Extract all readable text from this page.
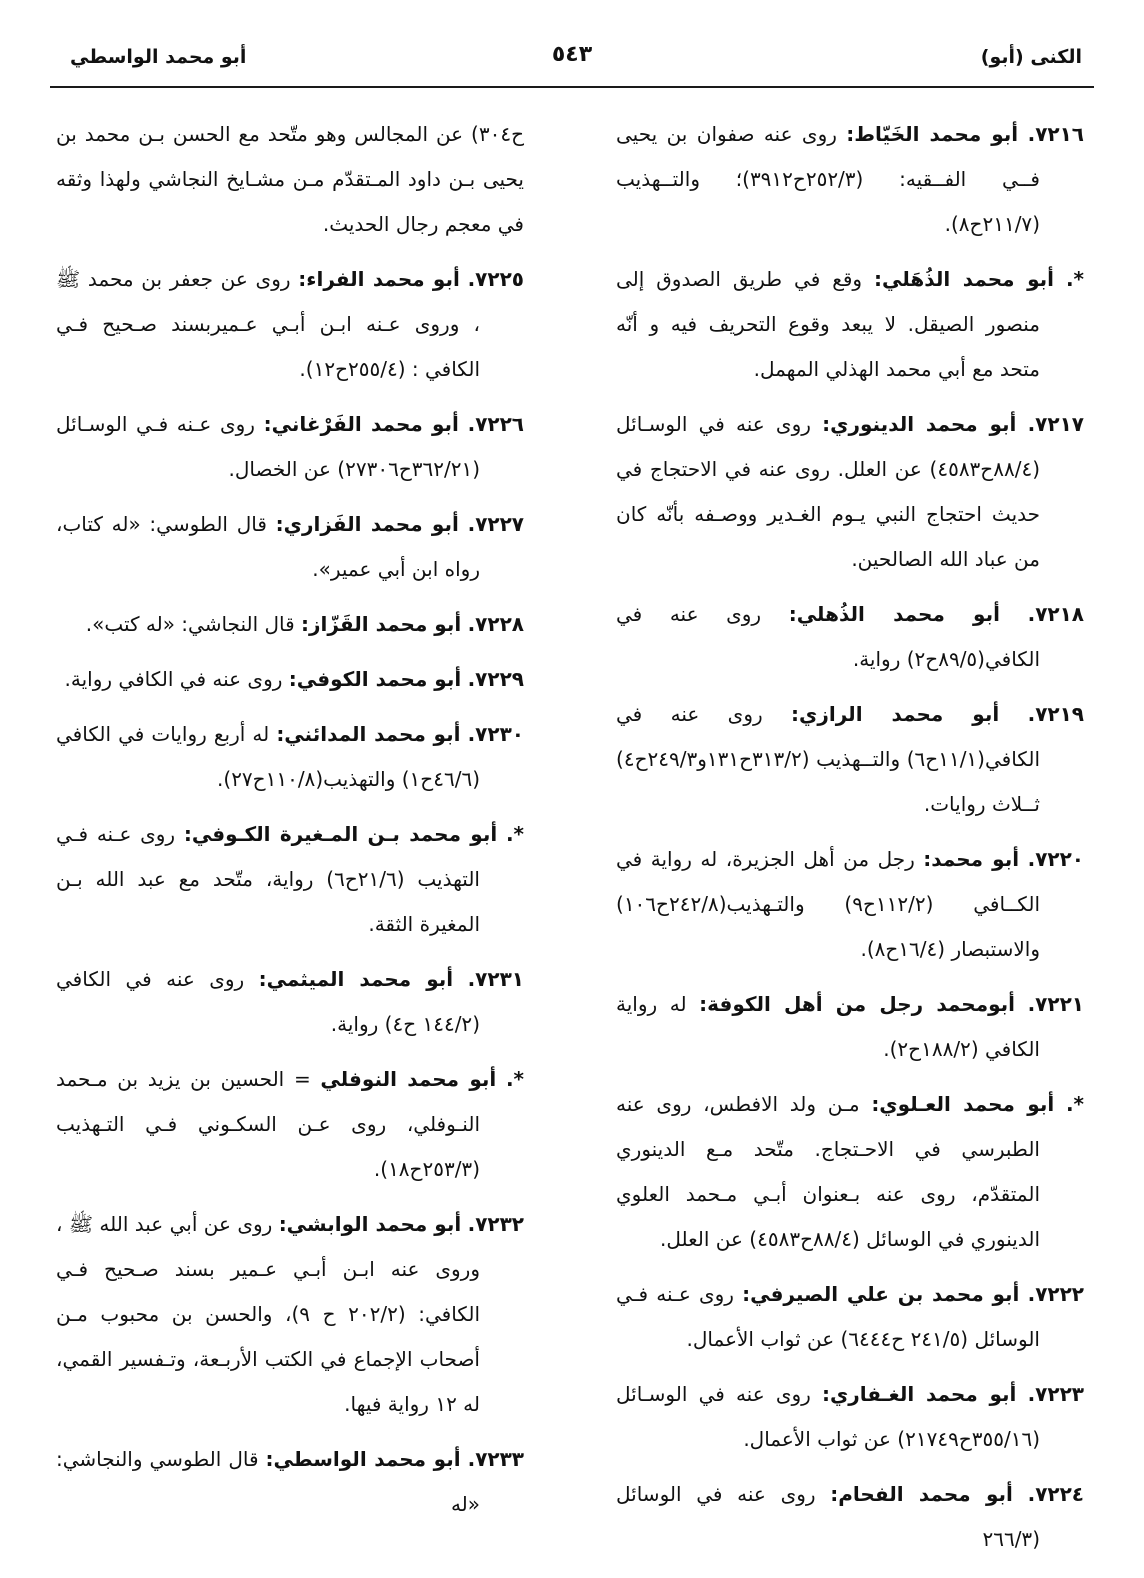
الكنى (أبو)
٥٤٣
أبو محمد الواسطي

٧٢١٦. أبو محمد الخَيّاط: روى عنه صفوان بن يحيى فــي الفــقيه: (٢٥٢/٣ح٣٩١٢)؛ والتــهذيب (٢١١/٧ح٨).

*. أبو محمد الذُهَلي: وقع في طريق الصدوق إلى منصور الصيقل. لا يبعد وقوع التحريف فيه و أنّه متحد مع أبي محمد الهذلي المهمل.

٧٢١٧. أبو محمد الدينوري: روى عنه في الوسـائل (٨٨/٤ح٤٥٨٣) عن العلل. روى عنه في الاحتجاج في حديث احتجاج النبي يـوم الغـدير ووصـفه بأنّه كان من عباد الله الصالحين.

٧٢١٨. أبو محمد الذُهلي: روى عنه في الكافي(٨٩/٥ح٢) رواية.

٧٢١٩. أبو محمد الرازي: روى عنه في الكافي(١١/١ح٦) والتــهذيب (٣١٣/٢ح١٣١و٢٤٩/٣ح٤) ثــلاث روايات.

٧٢٢٠. أبو محمد: رجل من أهل الجزيرة، له رواية في الكــافي (١١٢/٢ح٩) والتـهذيب(٢٤٢/٨ح١٠٦) والاستبصار (١٦/٤ح٨).

٧٢٢١. أبومحمد رجل من أهل الكوفة: له رواية الكافي (١٨٨/٢ح٢).

*. أبو محمد العـلوي: مـن ولد الافطس، روى عنه الطبرسي في الاحـتجاج. متّحد مـع الدينوري المتقدّم، روى عنه بـعنوان أبـي مـحمد العلوي الدينوري في الوسائل (٨٨/٤ح٤٥٨٣) عن العلل.

٧٢٢٢. أبو محمد بن علي الصيرفي: روى عـنه فـي الوسائل (٢٤١/٥ ح٦٤٤٤) عن ثواب الأعمال.

٧٢٢٣. أبو محمد الغـفاري: روى عنه في الوسـائل (٣٥٥/١٦ح٢١٧٤٩) عن ثواب الأعمال.

٧٢٢٤. أبو محمد الفحام: روى عنه في الوسائل (٢٦٦/٣

ح٣٠٤) عن المجالس وهو متّحد مع الحسن بـن محمد بن يحيى بـن داود المـتقدّم مـن مشـايخ النجاشي ولهذا وثقه في معجم رجال الحديث.

٧٢٢٥. أبو محمد الفراء: روى عن جعفر بن محمد ﷺ ، وروى عـنه ابـن أبـي عـميربسند صـحيح فـي الكافي : (٢٥٥/٤ح١٢).

٧٢٢٦. أبو محمد الفَرْغاني: روى عـنه فـي الوسـائل (٣٦٢/٢١ح٢٧٣٠٦) عن الخصال.

٧٢٢٧. أبو محمد الفَزاري: قال الطوسي: «له كتاب، رواه ابن أبي عمير».

٧٢٢٨. أبو محمد القَزّاز: قال النجاشي: «له كتب».

٧٢٢٩. أبو محمد الكوفي: روى عنه في الكافي رواية.

٧٢٣٠. أبو محمد المدائني: له أربع روايات في الكافي (٤٦/٦ح١) والتهذيب(١١٠/٨ح٢٧).

*. أبو محمد بـن المـغيرة الكـوفي: روى عـنه فـي التهذيب (٢١/٦ح٦) رواية، متّحد مع عبد الله بـن المغيرة الثقة.

٧٢٣١. أبو محمد الميثمي: روى عنه في الكافي (١٤٤/٢ ح٤) رواية.

*. أبو محمد النوفلي = الحسين بن يزيد بن مـحمد النـوفلي، روى عـن السكـوني فـي التـهذيب (٢٥٣/٣ح١٨).

٧٢٣٢. أبو محمد الوابشي: روى عن أبي عبد الله ﷺ ، وروى عنه ابـن أبـي عـمير بسند صـحيح فـي الكافي: (٢٠٢/٢ ح ٩)، والحسن بن محبوب مـن أصحاب الإجماع في الكتب الأربـعة، وتـفسير القمي، له ١٢ رواية فيها.

٧٢٣٣. أبو محمد الواسطي: قال الطوسي والنجاشي: «له
